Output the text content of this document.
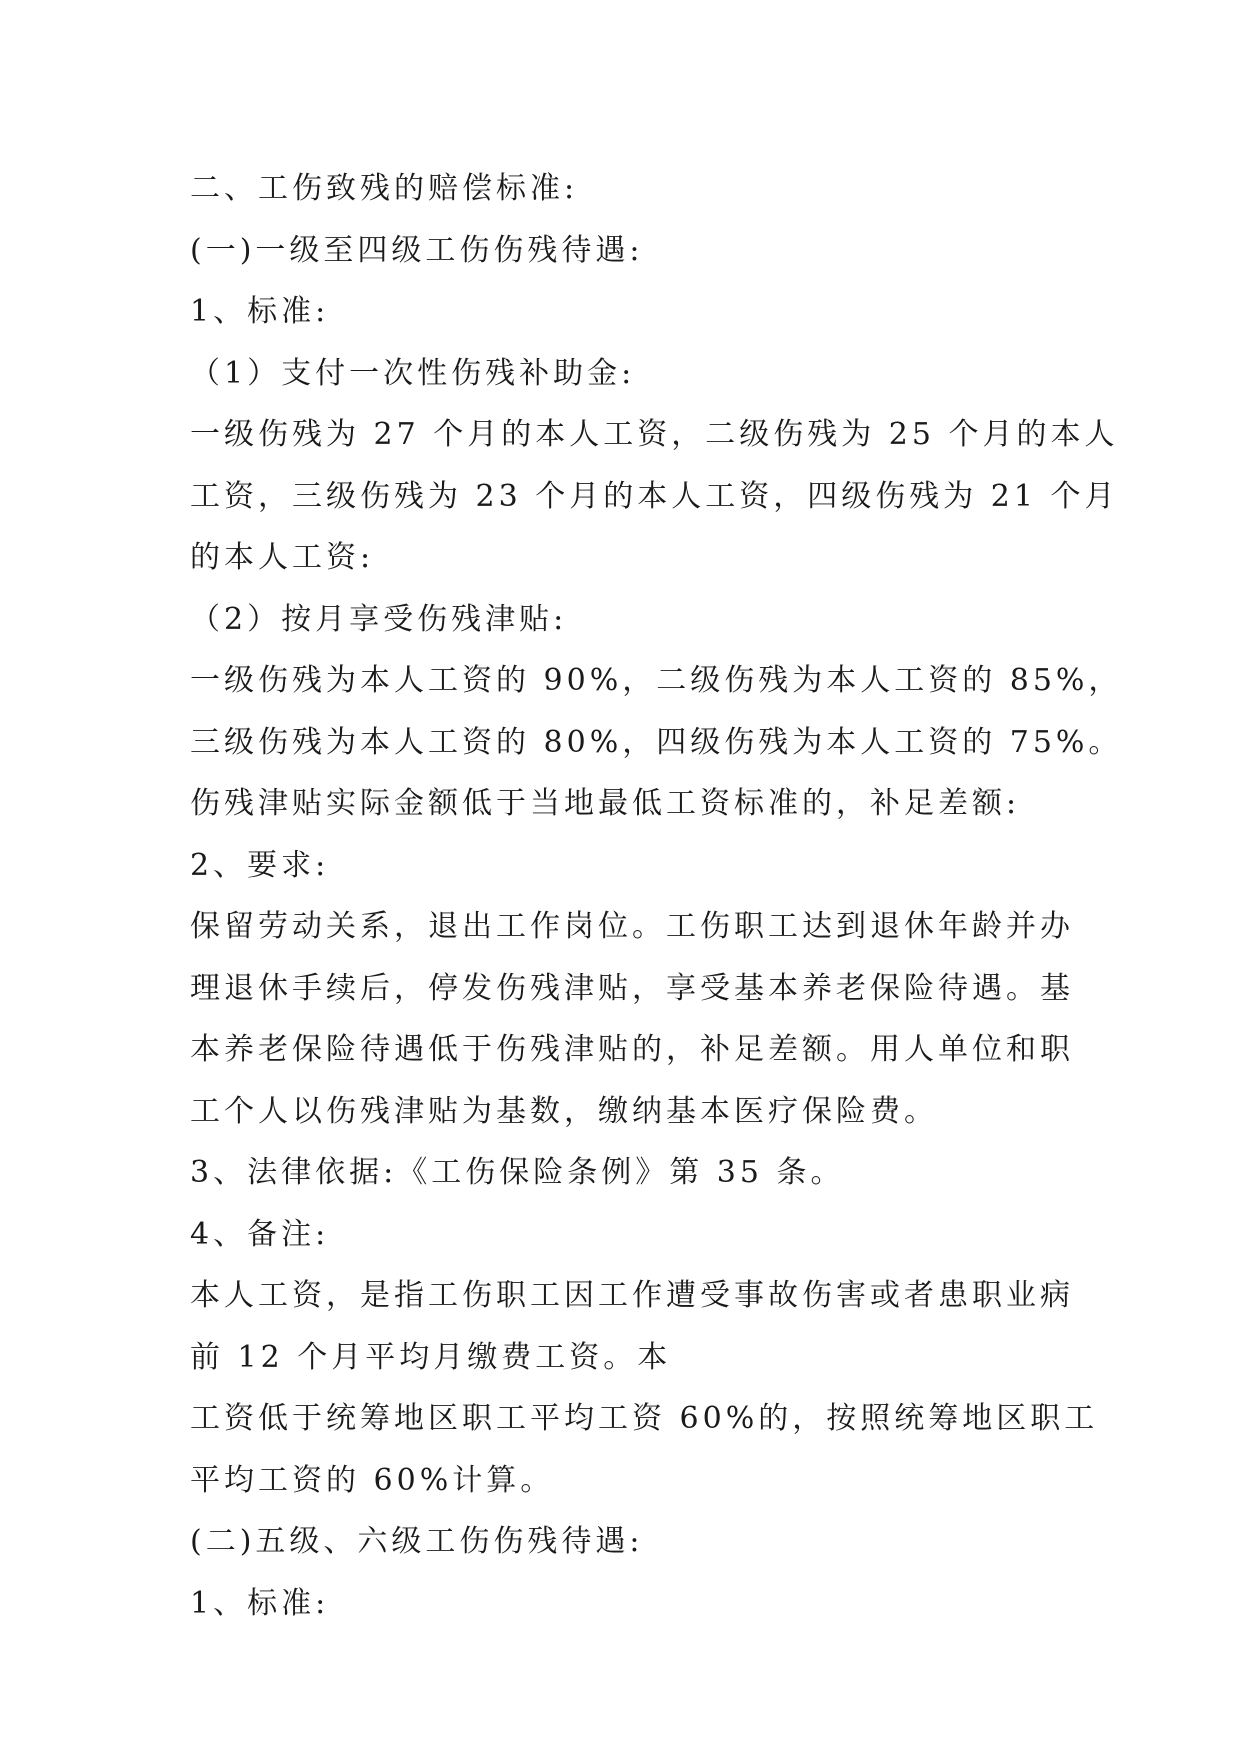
二、工伤致残的赔偿标准:
(一)一级至四级工伤伤残待遇:
1、标准:
（1）支付一次性伤残补助金:
一级伤残为 27 个月的本人工资，二级伤残为 25 个月的本人
工资，三级伤残为 23 个月的本人工资，四级伤残为 21 个月
的本人工资:
（2）按月享受伤残津贴:
一级伤残为本人工资的 90%，二级伤残为本人工资的 85%，
三级伤残为本人工资的 80%，四级伤残为本人工资的 75%。
伤残津贴实际金额低于当地最低工资标准的，补足差额:
2、要求:
保留劳动关系，退出工作岗位。工伤职工达到退休年龄并办
理退休手续后，停发伤残津贴，享受基本养老保险待遇。基
本养老保险待遇低于伤残津贴的，补足差额。用人单位和职
工个人以伤残津贴为基数，缴纳基本医疗保险费。
3、法律依据:《工伤保险条例》第 35 条。
4、备注:
本人工资，是指工伤职工因工作遭受事故伤害或者患职业病
前 12 个月平均月缴费工资。本
工资低于统筹地区职工平均工资 60%的，按照统筹地区职工
平均工资的 60%计算。
(二)五级、六级工伤伤残待遇:
1、标准:
